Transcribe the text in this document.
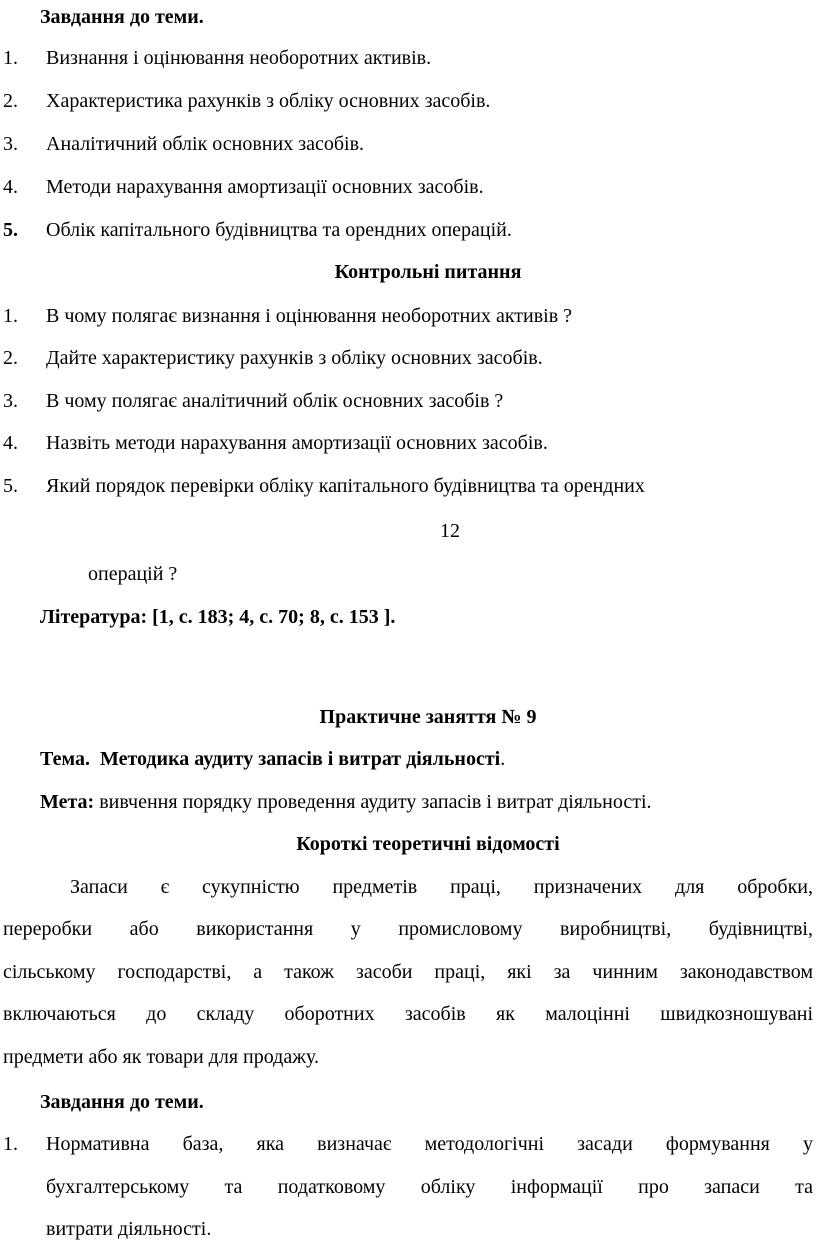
Завдання до теми.
1.	Визнання і оцінювання необоротних активів.
2.	Характеристика рахунків з обліку основних засобів.
3.	Аналітичний облік основних засобів.
4.	Методи нарахування амортизації основних засобів.
5.	Облік капітального будівництва та орендних операцій.
Контрольні питання
1.	В чому полягає визнання і оцінювання необоротних активів ?
2.	Дайте характеристику рахунків з обліку основних засобів.
3.	В чому полягає аналітичний облік основних засобів ?
4.	Назвіть методи нарахування амортизації основних засобів.
5.	Який порядок перевірки обліку капітального будівництва та орендних
12
операцій ?
Література: [1, с. 183; 4, с. 70; 8, с. 153 ].
Практичне заняття № 9
Тема. Методика аудиту запасів і витрат діяльності.
Мета: вивчення порядку проведення аудиту запасів і витрат діяльності.
Короткі теоретичні відомості
Запаси є сукупністю предметів праці, призначених для обробки,
переробки або використання у промисловому виробництві, будівництві,
сільському господарстві, а також засоби праці, які за чинним законодавством
включаються до складу оборотних засобів як малоцінні швидкозношувані
предмети або як товари для продажу.
Завдання до теми.
1. Нормативна база, яка визначає методологічні засади формування у
бухгалтерському та податковому обліку інформації про запаси та
витрати діяльності.
